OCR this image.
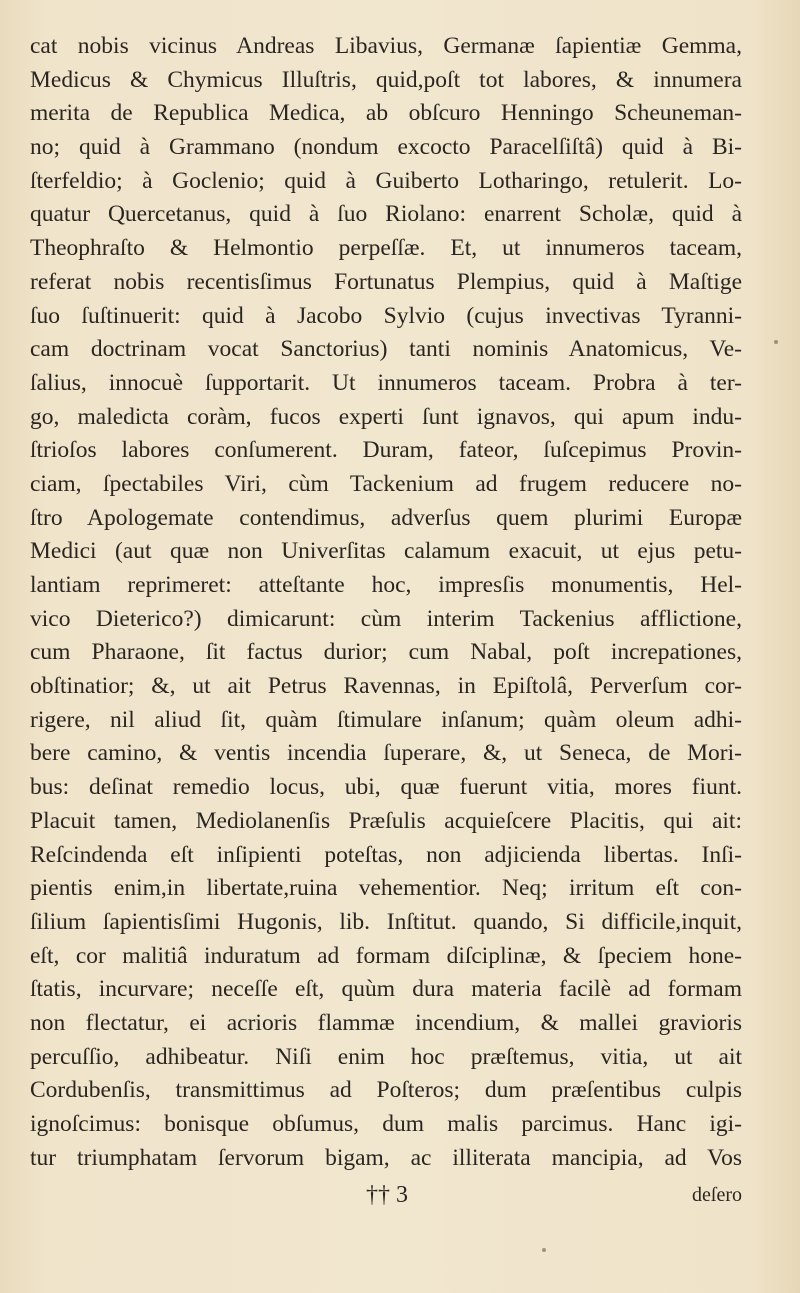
cat nobis vicinus Andreas Libavius, Germanæ ſapientiæ Gemma,
Medicus & Chymicus Illuſtris, quid,poſt tot labores, & innumera
merita de Republica Medica, ab obſcuro Henningo Scheuneman-
no; quid à Grammano (nondum excocto Paracelſiſtâ) quid à Bi-
ſterfeldio; à Goclenio; quid à Guiberto Lotharingo, retulerit. Lo-
quatur Quercetanus, quid à ſuo Riolano: enarrent Scholæ, quid à
Theophraſto & Helmontio perpeſſæ. Et, ut innumeros taceam,
referat nobis recentisſimus Fortunatus Plempius, quid à Maſtige
ſuo ſuſtinuerit: quid à Jacobo Sylvio (cujus invectivas Tyranni-
cam doctrinam vocat Sanctorius) tanti nominis Anatomicus, Ve-
ſalius, innocuè ſupportarit. Ut innumeros taceam. Probra à ter-
go, maledicta coràm, fucos experti ſunt ignavos, qui apum indu-
ſtrioſos labores conſumerent. Duram, fateor, ſuſcepimus Provin-
ciam, ſpectabiles Viri, cùm Tackenium ad frugem reducere no-
ſtro Apologemate contendimus, adverſus quem plurimi Europæ
Medici (aut quæ non Univerſitas calamum exacuit, ut ejus petu-
lantiam reprimeret: atteſtante hoc, impresſis monumentis, Hel-
vico Dieterico?) dimicarunt: cùm interim Tackenius afflictione,
cum Pharaone, ſit factus durior; cum Nabal, poſt increpationes,
obſtinatior; &, ut ait Petrus Ravennas, in Epiſtolâ, Perverſum cor-
rigere, nil aliud ſit, quàm ſtimulare inſanum; quàm oleum adhi-
bere camino, & ventis incendia ſuperare, &, ut Seneca, de Mori-
bus: deſinat remedio locus, ubi, quæ fuerunt vitia, mores fiunt.
Placuit tamen, Mediolanenſis Præſulis acquieſcere Placitis, qui ait:
Reſcindenda eſt inſipienti poteſtas, non adjicienda libertas. Inſi-
pientis enim,in libertate,ruina vehementior. Neq; irritum eſt con-
ſilium ſapientisſimi Hugonis, lib. Inſtitut. quando, Si difficile,inquit,
eſt, cor malitiâ induratum ad formam diſciplinæ, & ſpeciem hone-
ſtatis, incurvare; neceſſe eſt, quùm dura materia facilè ad formam
non flectatur, ei acrioris flammæ incendium, & mallei gravioris
percuſſio, adhibeatur. Niſi enim hoc præſtemus, vitia, ut ait
Cordubenſis, transmittimus ad Poſteros; dum præſentibus culpis
ignoſcimus: bonisque obſumus, dum malis parcimus. Hanc igi-
tur triumphatam ſervorum bigam, ac illiterata mancipia, ad Vos
†† 3	deſero
